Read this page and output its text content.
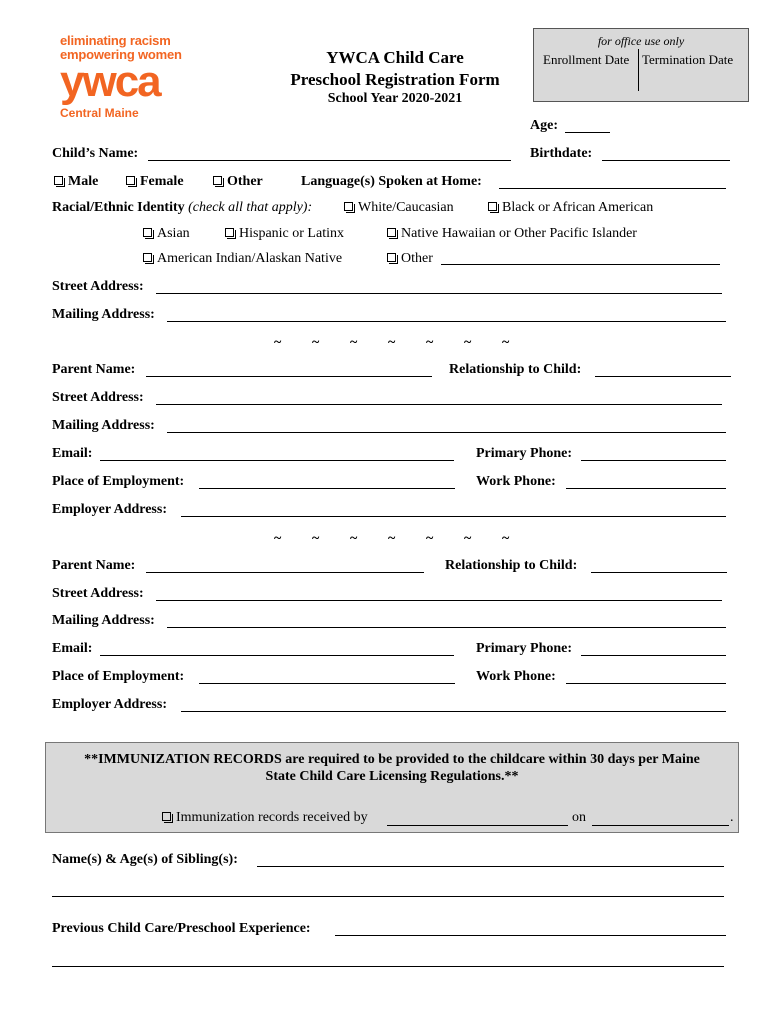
eliminating racism
empowering women
ywca
Central Maine
YWCA Child Care
Preschool Registration Form
School Year 2020-2021
for office use only
Enrollment Date Termination Date
Age:
Child’s Name:	Birthdate:
Male	Female	Other	Language(s) Spoken at Home:
Racial/Ethnic Identity (check all that apply):	White/Caucasian	Black or African American
Asian	Hispanic or Latinx	Native Hawaiian or Other Pacific Islander
American Indian/Alaskan Native	Other
Street Address:
Mailing Address:
~ ~ ~ ~ ~ ~ ~
Parent Name:	Relationship to Child:
Street Address:
Mailing Address:
Email:	Primary Phone:
Place of Employment:	Work Phone:
Employer Address:
~ ~ ~ ~ ~ ~ ~
Parent Name:	Relationship to Child:
Street Address:
Mailing Address:
Email:	Primary Phone:
Place of Employment:	Work Phone:
Employer Address:
**IMMUNIZATION RECORDS are required to be provided to the childcare within 30 days per Maine
State Child Care Licensing Regulations.**
Immunization records received by	on	.
Name(s) & Age(s) of Sibling(s):
Previous Child Care/Preschool Experience:
